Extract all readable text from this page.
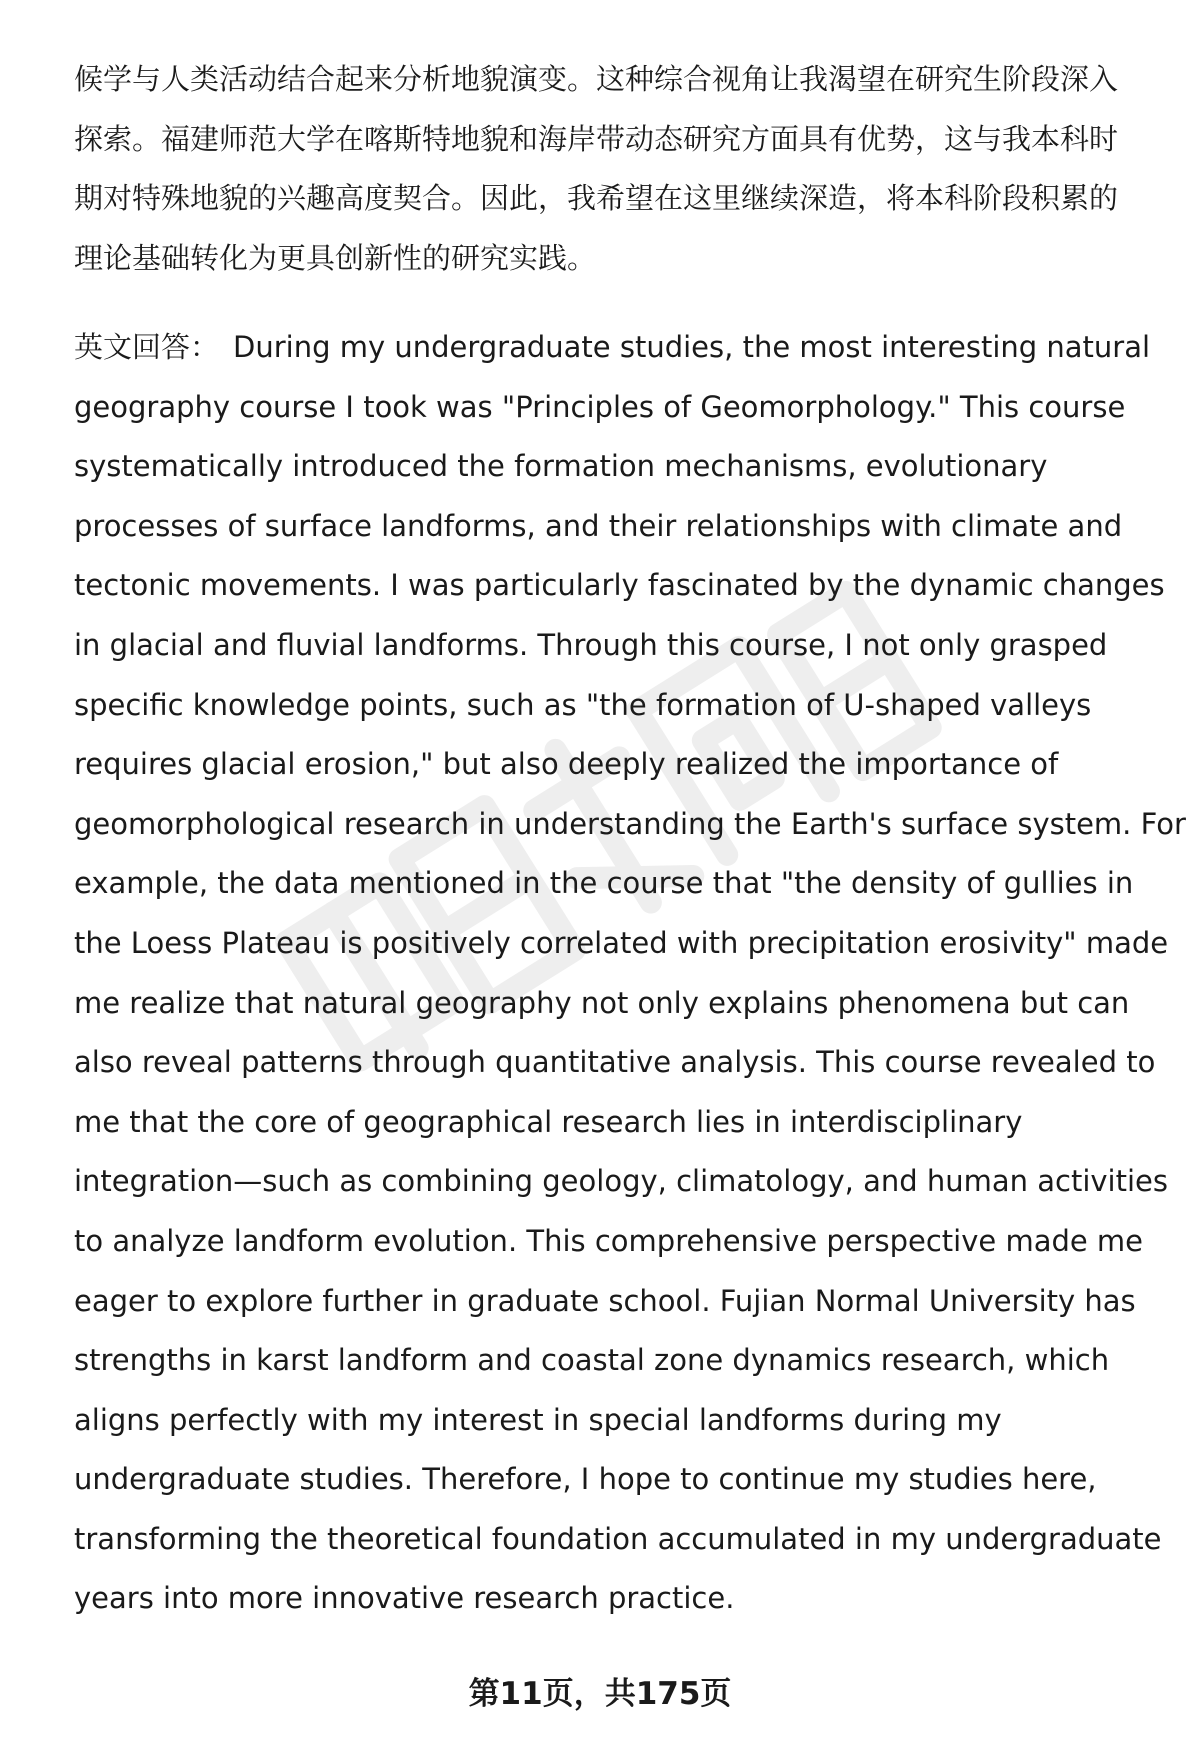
候学与人类活动结合起来分析地貌演变。这种综合视角让我渴望在研究生阶段深入
探索。福建师范大学在喀斯特地貌和海岸带动态研究方面具有优势，这与我本科时
期对特殊地貌的兴趣高度契合。因此，我希望在这里继续深造，将本科阶段积累的
理论基础转化为更具创新性的研究实践。
英文回答： During my undergraduate studies, the most interesting natural
geography course I took was "Principles of Geomorphology." This course
systematically introduced the formation mechanisms, evolutionary
processes of surface landforms, and their relationships with climate and
tectonic movements. I was particularly fascinated by the dynamic changes
in glacial and fluvial landforms. Through this course, I not only grasped
specific knowledge points, such as "the formation of U-shaped valleys
requires glacial erosion," but also deeply realized the importance of
geomorphological research in understanding the Earth's surface system. For
example, the data mentioned in the course that "the density of gullies in
the Loess Plateau is positively correlated with precipitation erosivity" made
me realize that natural geography not only explains phenomena but can
also reveal patterns through quantitative analysis. This course revealed to
me that the core of geographical research lies in interdisciplinary
integration—such as combining geology, climatology, and human activities
to analyze landform evolution. This comprehensive perspective made me
eager to explore further in graduate school. Fujian Normal University has
strengths in karst landform and coastal zone dynamics research, which
aligns perfectly with my interest in special landforms during my
undergraduate studies. Therefore, I hope to continue my studies here,
transforming the theoretical foundation accumulated in my undergraduate
years into more innovative research practice.
第11页，共175页
